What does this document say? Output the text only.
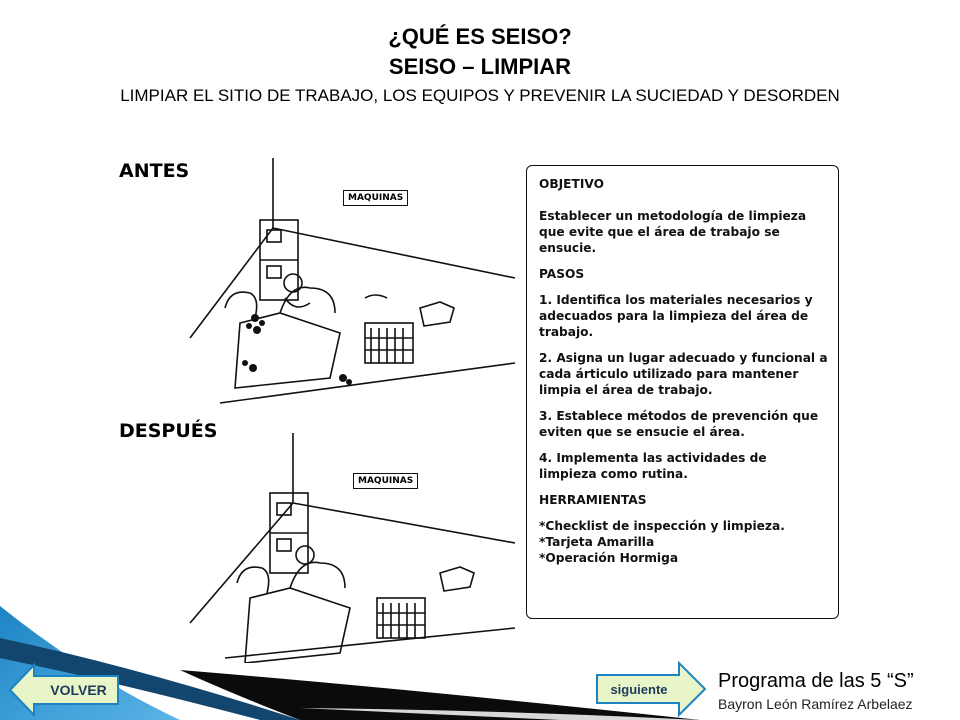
¿QUÉ ES SEISO?
SEISO – LIMPIAR
LIMPIAR EL SITIO DE TRABAJO, LOS EQUIPOS Y PREVENIR LA SUCIEDAD Y DESORDEN
ANTES
DESPUÉS
MAQUINAS
MAQUINAS

OBJETIVO

Establecer un metodología de limpieza que evite que el área de trabajo se ensucie.

PASOS

1. Identifica los materiales necesarios y adecuados para la limpieza del área de trabajo.

2. Asigna un lugar adecuado y funcional a cada árticulo utilizado para mantener limpia el área de trabajo.

3. Establece métodos de prevención que eviten que se ensucie el área.

4. Implementa las actividades de limpieza como rutina.

HERRAMIENTAS

*Checklist de inspección y limpieza.
*Tarjeta Amarilla
*Operación Hormiga
VOLVER	siguiente	Programa de las 5 “S”
Bayron León Ramírez Arbelaez
